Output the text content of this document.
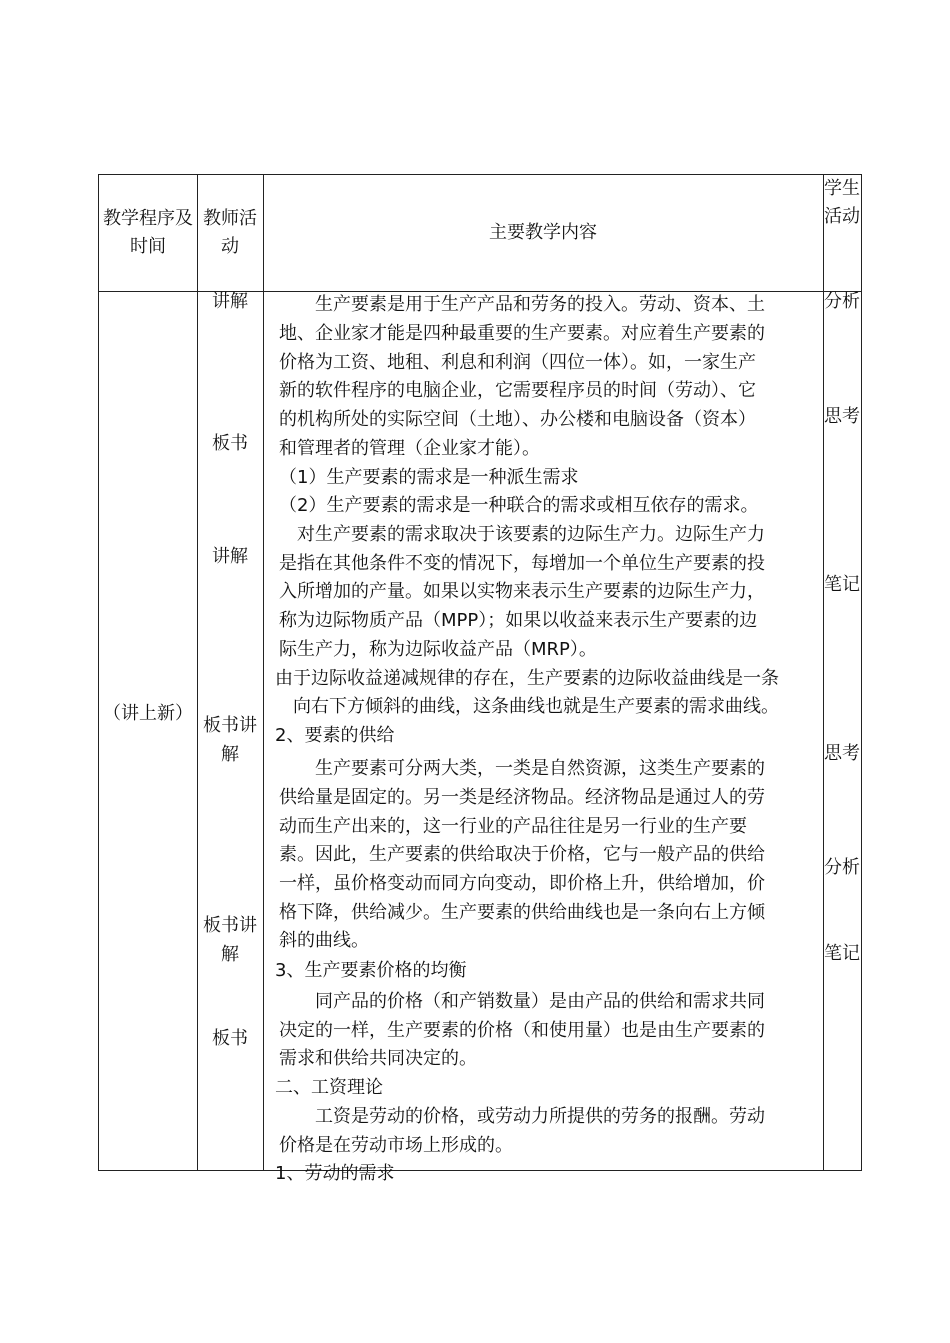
教学程序及时间
教师活动
主要教学内容
学生活动
（讲上新）
讲解
板书
讲解
板书讲解
板书讲解
板书
分析
思考
笔记
思考
分析
笔记
　　生产要素是用于生产产品和劳务的投入。劳动、资本、土
地、企业家才能是四种最重要的生产要素。对应着生产要素的
价格为工资、地租、利息和利润（四位一体）。如，一家生产
新的软件程序的电脑企业，它需要程序员的时间（劳动）、它
的机构所处的实际空间（土地）、办公楼和电脑设备（资本）
和管理者的管理（企业家才能）。
（1）生产要素的需求是一种派生需求
（2）生产要素的需求是一种联合的需求或相互依存的需求。
　对生产要素的需求取决于该要素的边际生产力。边际生产力
是指在其他条件不变的情况下，每增加一个单位生产要素的投
入所增加的产量。如果以实物来表示生产要素的边际生产力，
称为边际物质产品（MPP）；如果以收益来表示生产要素的边
际生产力，称为边际收益产品（MRP）。
由于边际收益递减规律的存在，生产要素的边际收益曲线是一条
　向右下方倾斜的曲线，这条曲线也就是生产要素的需求曲线。
2、要素的供给
　　生产要素可分两大类，一类是自然资源，这类生产要素的
供给量是固定的。另一类是经济物品。经济物品是通过人的劳
动而生产出来的，这一行业的产品往往是另一行业的生产要
素。因此，生产要素的供给取决于价格，它与一般产品的供给
一样，虽价格变动而同方向变动，即价格上升，供给增加，价
格下降，供给减少。生产要素的供给曲线也是一条向右上方倾
斜的曲线。
3、生产要素价格的均衡
　　同产品的价格（和产销数量）是由产品的供给和需求共同
决定的一样，生产要素的价格（和使用量）也是由生产要素的
需求和供给共同决定的。
二、工资理论
　　工资是劳动的价格，或劳动力所提供的劳务的报酬。劳动
价格是在劳动市场上形成的。
1、劳动的需求
